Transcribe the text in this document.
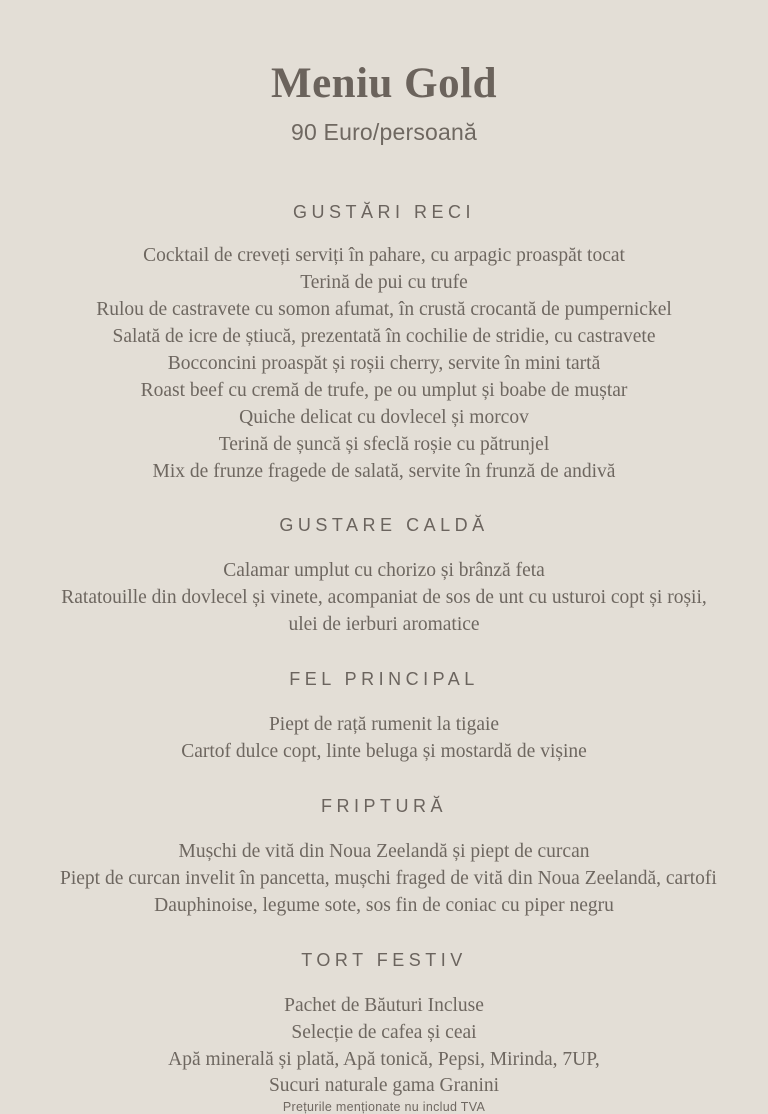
Meniu Gold
90 Euro/persoană
GUSTĂRI RECI
Cocktail de creveți serviți în pahare, cu arpagic proaspăt tocat
Terină de pui cu trufe
Rulou de castravete cu somon afumat, în crustă crocantă de pumpernickel
Salată de icre de știucă, prezentată în cochilie de stridie, cu castravete
Bocconcini proaspăt și roșii cherry, servite în mini tartă
Roast beef cu cremă de trufe, pe ou umplut și boabe de muștar
Quiche delicat cu dovlecel și morcov
Terină de șuncă și sfeclă roșie cu pătrunjel
Mix de frunze fragede de salată, servite în frunză de andivă
GUSTARE CALDĂ
Calamar umplut cu chorizo și brânză feta
Ratatouille din dovlecel și vinete, acompaniat de sos de unt cu usturoi copt și roșii,
ulei de ierburi aromatice
FEL PRINCIPAL
Piept de rață rumenit la tigaie
Cartof dulce copt, linte beluga și mostardă de vișine
FRIPTURĂ
Mușchi de vită din Noua Zeelandă și piept de curcan
Piept de curcan invelit în pancetta, mușchi fraged de vită din Noua Zeelandă, cartofi
Dauphinoise, legume sote, sos fin de coniac cu piper negru
TORT FESTIV
Pachet de Băuturi Incluse
Selecție de cafea și ceai
Apă minerală și plată, Apă tonică, Pepsi, Mirinda, 7UP,
Sucuri naturale gama Granini
Prețurile menționate nu includ TVA
